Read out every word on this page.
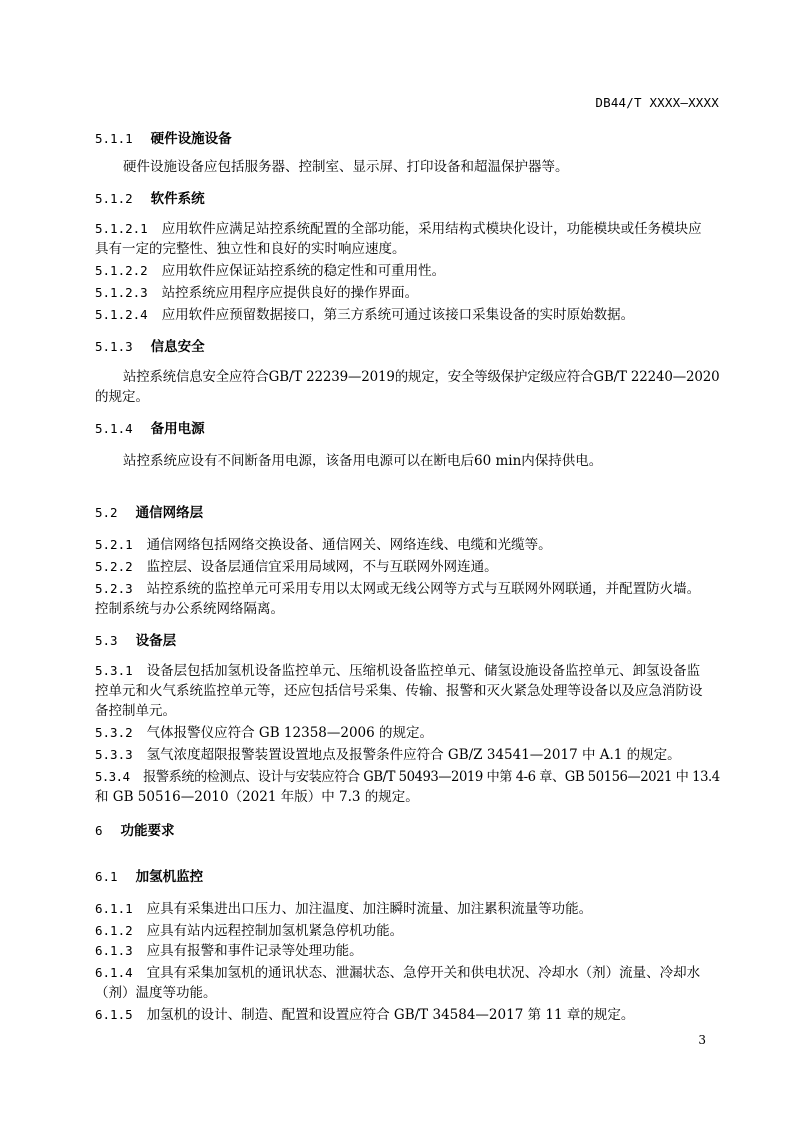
DB44/T XXXX—XXXX
5.1.1 硬件设施设备
硬件设施设备应包括服务器、控制室、显示屏、打印设备和超温保护器等。
5.1.2 软件系统
5.1.2.1 应用软件应满足站控系统配置的全部功能，采用结构式模块化设计，功能模块或任务模块应
具有一定的完整性、独立性和良好的实时响应速度。
5.1.2.2 应用软件应保证站控系统的稳定性和可重用性。
5.1.2.3 站控系统应用程序应提供良好的操作界面。
5.1.2.4 应用软件应预留数据接口，第三方系统可通过该接口采集设备的实时原始数据。
5.1.3 信息安全
站控系统信息安全应符合GB/T 22239—2019的规定，安全等级保护定级应符合GB/T 22240—2020
的规定。
5.1.4 备用电源
站控系统应设有不间断备用电源，该备用电源可以在断电后60 min内保持供电。
5.2 通信网络层
5.2.1 通信网络包括网络交换设备、通信网关、网络连线、电缆和光缆等。
5.2.2 监控层、设备层通信宜采用局域网，不与互联网外网连通。
5.2.3 站控系统的监控单元可采用专用以太网或无线公网等方式与互联网外网联通，并配置防火墙。
控制系统与办公系统网络隔离。
5.3 设备层
5.3.1 设备层包括加氢机设备监控单元、压缩机设备监控单元、储氢设施设备监控单元、卸氢设备监
控单元和火气系统监控单元等，还应包括信号采集、传输、报警和灭火紧急处理等设备以及应急消防设
备控制单元。
5.3.2 气体报警仪应符合 GB 12358—2006 的规定。
5.3.3 氢气浓度超限报警装置设置地点及报警条件应符合 GB/Z 34541—2017 中 A.1 的规定。
5.3.4 报警系统的检测点、设计与安装应符合 GB/T 50493—2019 中第 4-6 章、GB 50156—2021 中 13.4
和 GB 50516—2010（2021 年版）中 7.3 的规定。
6 功能要求
6.1 加氢机监控
6.1.1 应具有采集进出口压力、加注温度、加注瞬时流量、加注累积流量等功能。
6.1.2 应具有站内远程控制加氢机紧急停机功能。
6.1.3 应具有报警和事件记录等处理功能。
6.1.4 宜具有采集加氢机的通讯状态、泄漏状态、急停开关和供电状况、冷却水（剂）流量、冷却水
（剂）温度等功能。
6.1.5 加氢机的设计、制造、配置和设置应符合 GB/T 34584—2017 第 11 章的规定。
3
